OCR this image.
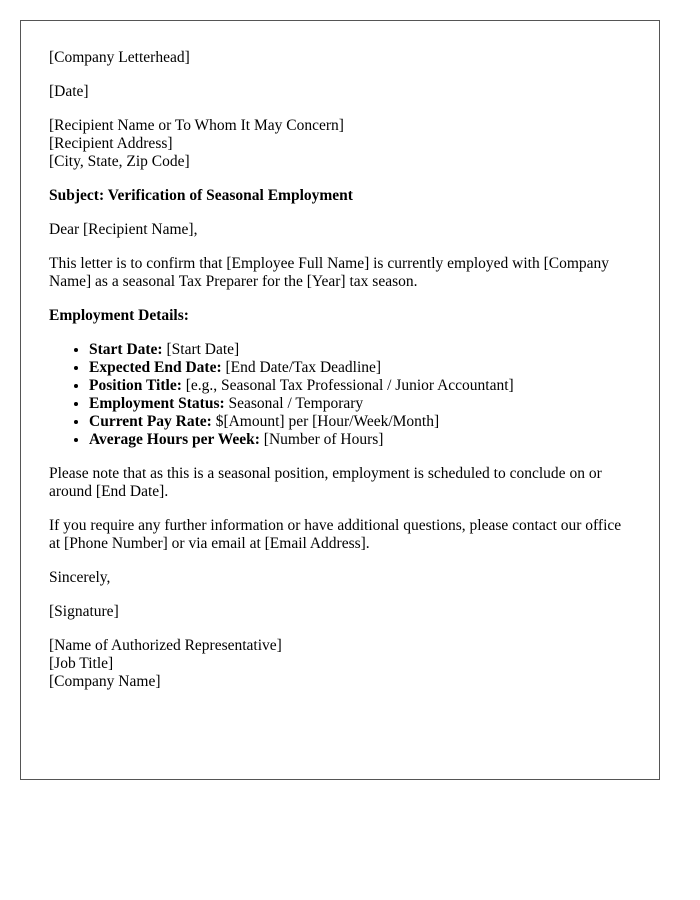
[Company Letterhead]

[Date]

[Recipient Name or To Whom It May Concern]
[Recipient Address]
[City, State, Zip Code]

Subject: Verification of Seasonal Employment

Dear [Recipient Name],

This letter is to confirm that [Employee Full Name] is currently employed with [Company Name] as a seasonal Tax Preparer for the [Year] tax season.

Employment Details:

• Start Date: [Start Date]
• Expected End Date: [End Date/Tax Deadline]
• Position Title: [e.g., Seasonal Tax Professional / Junior Accountant]
• Employment Status: Seasonal / Temporary
• Current Pay Rate: $[Amount] per [Hour/Week/Month]
• Average Hours per Week: [Number of Hours]

Please note that as this is a seasonal position, employment is scheduled to conclude on or around [End Date].

If you require any further information or have additional questions, please contact our office at [Phone Number] or via email at [Email Address].

Sincerely,

[Signature]

[Name of Authorized Representative]
[Job Title]
[Company Name]
